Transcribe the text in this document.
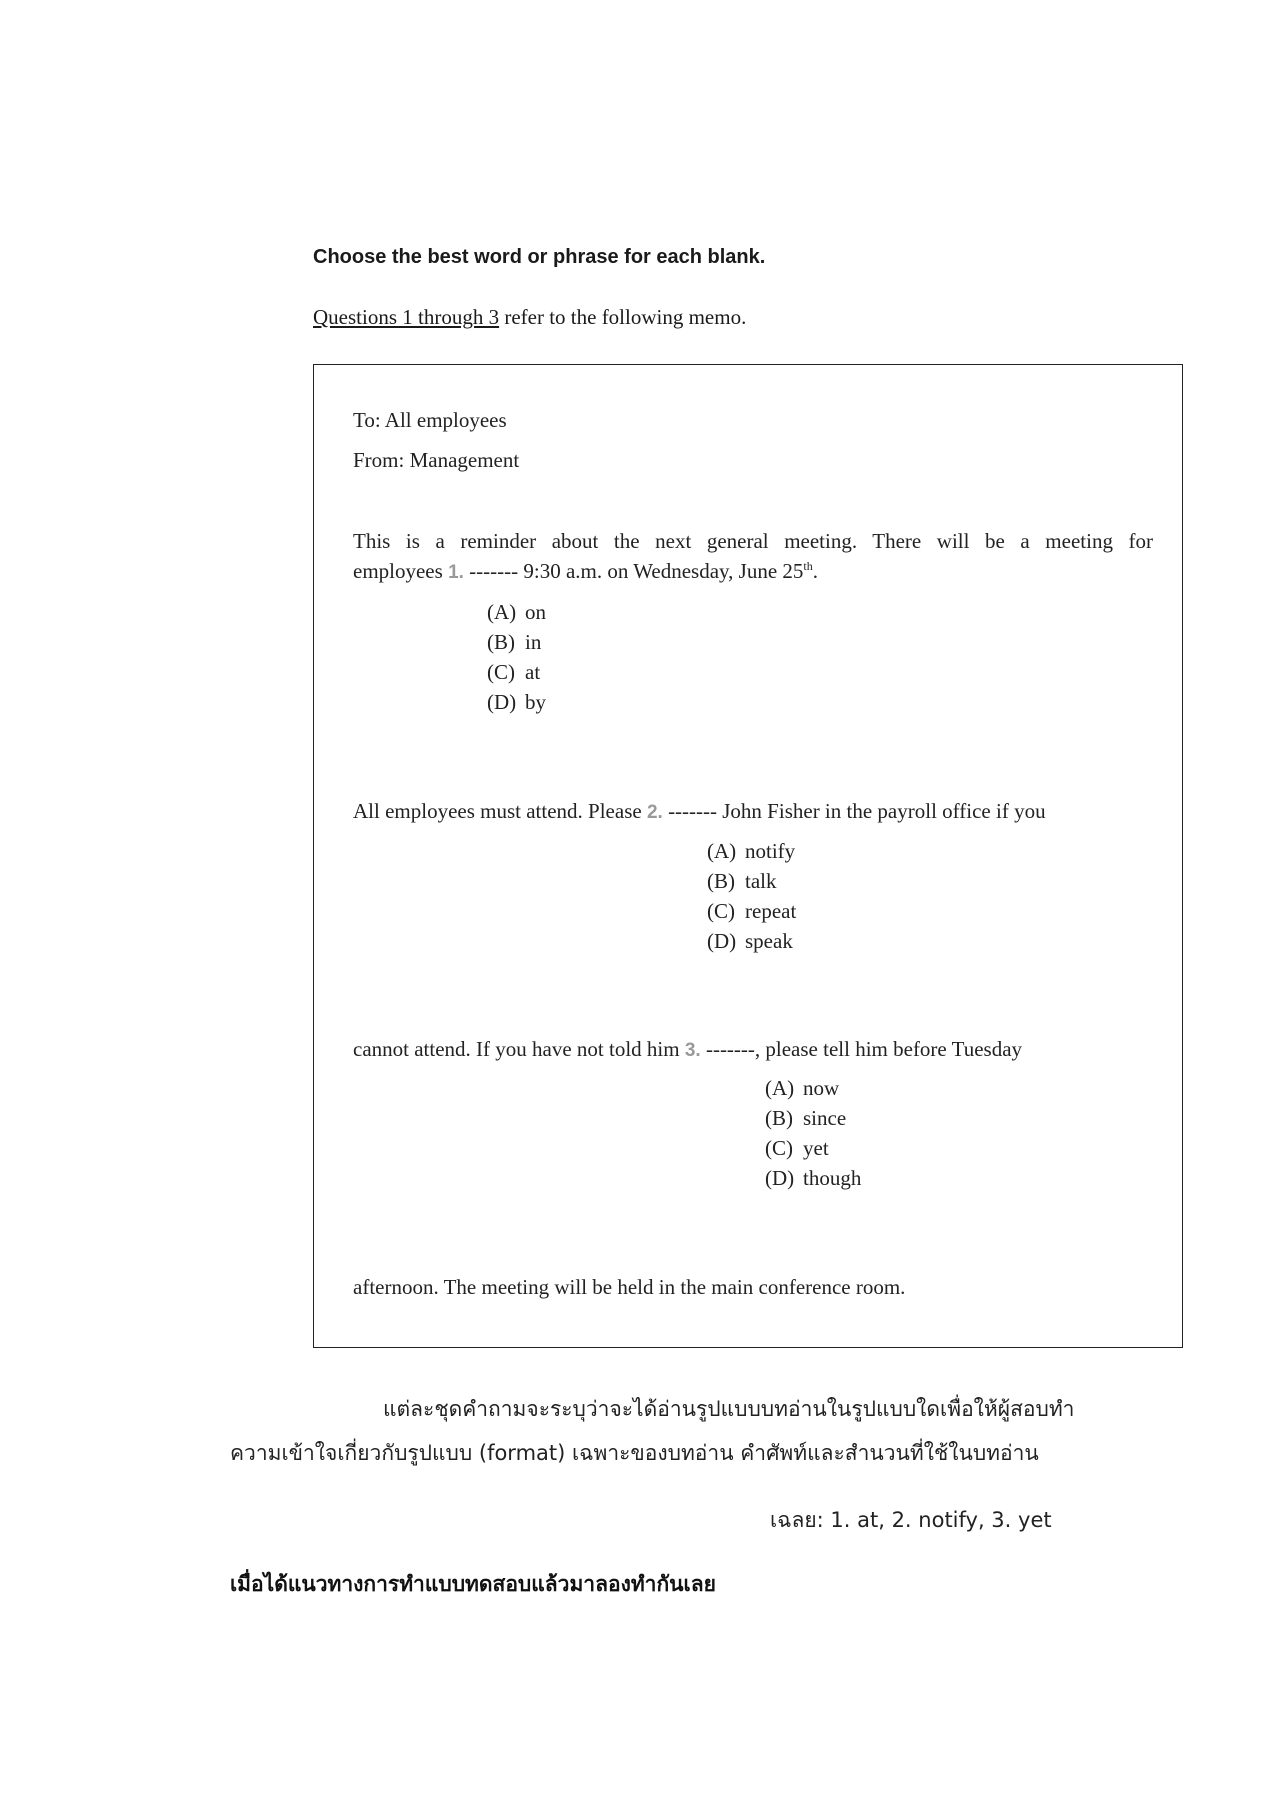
Choose the best word or phrase for each blank.
Questions 1 through 3 refer to the following memo.
To: All employees
From: Management
This is a reminder about the next general meeting. There will be a meeting for
employees 1. ------- 9:30 a.m. on Wednesday, June 25th.
(A) on
(B) in
(C) at
(D) by
All employees must attend. Please 2. ------- John Fisher in the payroll office if you
(A) notify
(B) talk
(C) repeat
(D) speak
cannot attend. If you have not told him 3. -------, please tell him before Tuesday
(A) now
(B) since
(C) yet
(D) though
afternoon. The meeting will be held in the main conference room.
แต่ละชุดคำถามจะระบุว่าจะได้อ่านรูปแบบบทอ่านในรูปแบบใดเพื่อให้ผู้สอบทำ
ความเข้าใจเกี่ยวกับรูปแบบ (format) เฉพาะของบทอ่าน คำศัพท์และสำนวนที่ใช้ในบทอ่าน
เฉลย: 1. at, 2. notify, 3. yet
เมื่อได้แนวทางการทำแบบทดสอบแล้วมาลองทำกันเลย
